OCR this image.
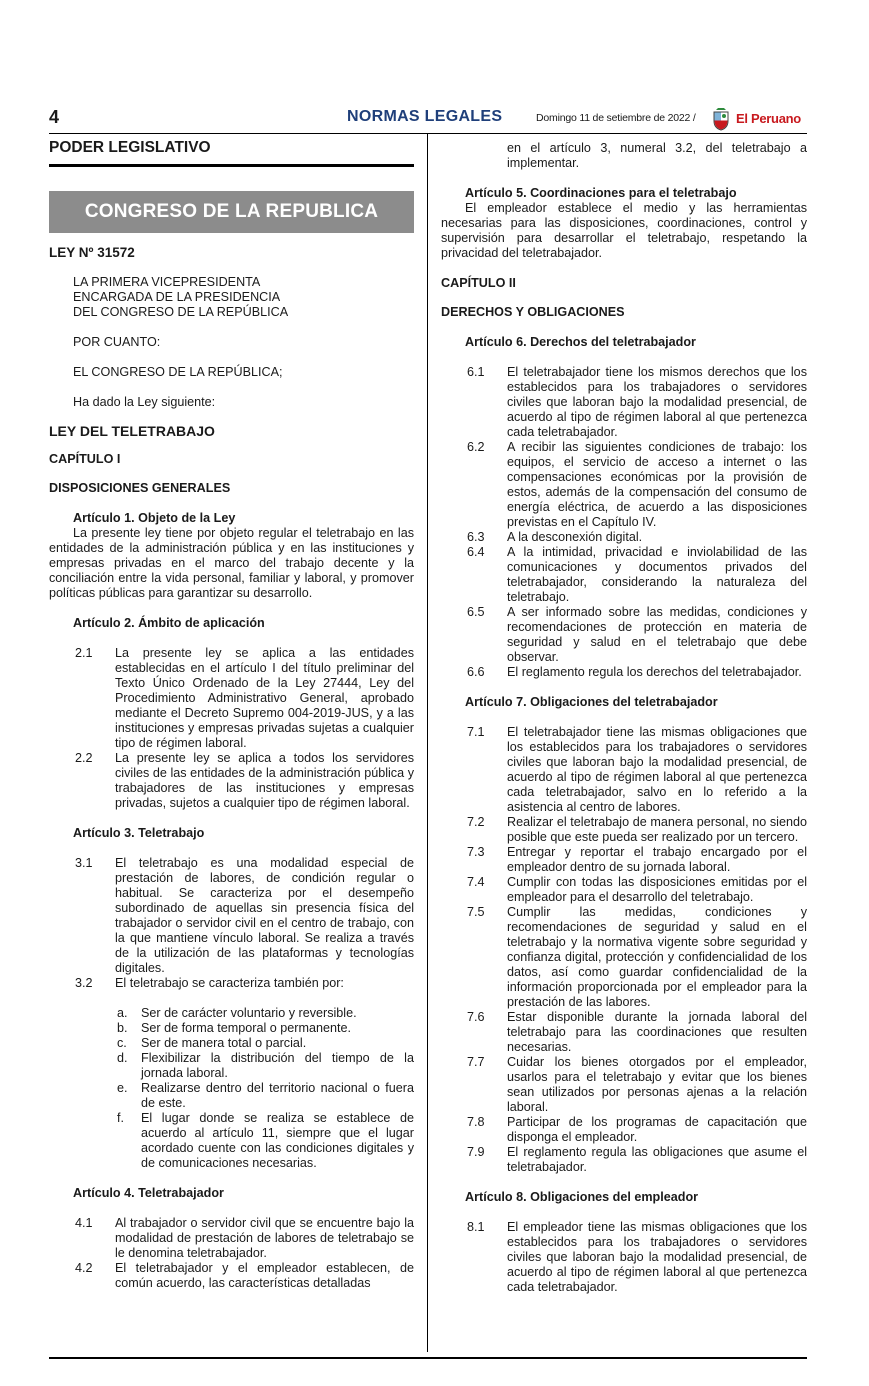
4	NORMAS LEGALES	Domingo 11 de setiembre de 2022 /	El Peruano

PODER LEGISLATIVO

CONGRESO DE LA REPUBLICA

LEY Nº 31572

LA PRIMERA VICEPRESIDENTA

ENCARGADA DE LA PRESIDENCIA

DEL CONGRESO DE LA REPÚBLICA

POR CUANTO:

EL CONGRESO DE LA REPÚBLICA;

Ha dado la Ley siguiente:

LEY DEL TELETRABAJO

CAPÍTULO I

DISPOSICIONES GENERALES

Artículo 1. Objeto de la Ley

La presente ley tiene por objeto regular el teletrabajo en las entidades de la administración pública y en las instituciones y empresas privadas en el marco del trabajo decente y la conciliación entre la vida personal, familiar y laboral, y promover políticas públicas para garantizar su desarrollo.

Artículo 2. Ámbito de aplicación

2.1 La presente ley se aplica a las entidades establecidas en el artículo I del título preliminar del Texto Único Ordenado de la Ley 27444, Ley del Procedimiento Administrativo General, aprobado mediante el Decreto Supremo 004-2019-JUS, y a las instituciones y empresas privadas sujetas a cualquier tipo de régimen laboral.

2.2 La presente ley se aplica a todos los servidores civiles de las entidades de la administración pública y trabajadores de las instituciones y empresas privadas, sujetos a cualquier tipo de régimen laboral.

Artículo 3. Teletrabajo

3.1 El teletrabajo es una modalidad especial de prestación de labores, de condición regular o habitual. Se caracteriza por el desempeño subordinado de aquellas sin presencia física del trabajador o servidor civil en el centro de trabajo, con la que mantiene vínculo laboral. Se realiza a través de la utilización de las plataformas y tecnologías digitales.

3.2 El teletrabajo se caracteriza también por:

a. Ser de carácter voluntario y reversible.

b. Ser de forma temporal o permanente.

c. Ser de manera total o parcial.

d. Flexibilizar la distribución del tiempo de la jornada laboral.

e. Realizarse dentro del territorio nacional o fuera de este.

f. El lugar donde se realiza se establece de acuerdo al artículo 11, siempre que el lugar acordado cuente con las condiciones digitales y de comunicaciones necesarias.

Artículo 4. Teletrabajador

4.1 Al trabajador o servidor civil que se encuentre bajo la modalidad de prestación de labores de teletrabajo se le denomina teletrabajador.

4.2 El teletrabajador y el empleador establecen, de común acuerdo, las características detalladas

en el artículo 3, numeral 3.2, del teletrabajo a implementar.

Artículo 5. Coordinaciones para el teletrabajo

El empleador establece el medio y las herramientas necesarias para las disposiciones, coordinaciones, control y supervisión para desarrollar el teletrabajo, respetando la privacidad del teletrabajador.

CAPÍTULO II

DERECHOS Y OBLIGACIONES

Artículo 6. Derechos del teletrabajador

6.1 El teletrabajador tiene los mismos derechos que los establecidos para los trabajadores o servidores civiles que laboran bajo la modalidad presencial, de acuerdo al tipo de régimen laboral al que pertenezca cada teletrabajador.

6.2 A recibir las siguientes condiciones de trabajo: los equipos, el servicio de acceso a internet o las compensaciones económicas por la provisión de estos, además de la compensación del consumo de energía eléctrica, de acuerdo a las disposiciones previstas en el Capítulo IV.

6.3 A la desconexión digital.

6.4 A la intimidad, privacidad e inviolabilidad de las comunicaciones y documentos privados del teletrabajador, considerando la naturaleza del teletrabajo.

6.5 A ser informado sobre las medidas, condiciones y recomendaciones de protección en materia de seguridad y salud en el teletrabajo que debe observar.

6.6 El reglamento regula los derechos del teletrabajador.

Artículo 7. Obligaciones del teletrabajador

7.1 El teletrabajador tiene las mismas obligaciones que los establecidos para los trabajadores o servidores civiles que laboran bajo la modalidad presencial, de acuerdo al tipo de régimen laboral al que pertenezca cada teletrabajador, salvo en lo referido a la asistencia al centro de labores.

7.2 Realizar el teletrabajo de manera personal, no siendo posible que este pueda ser realizado por un tercero.

7.3 Entregar y reportar el trabajo encargado por el empleador dentro de su jornada laboral.

7.4 Cumplir con todas las disposiciones emitidas por el empleador para el desarrollo del teletrabajo.

7.5 Cumplir las medidas, condiciones y recomendaciones de seguridad y salud en el teletrabajo y la normativa vigente sobre seguridad y confianza digital, protección y confidencialidad de los datos, así como guardar confidencialidad de la información proporcionada por el empleador para la prestación de las labores.

7.6 Estar disponible durante la jornada laboral del teletrabajo para las coordinaciones que resulten necesarias.

7.7 Cuidar los bienes otorgados por el empleador, usarlos para el teletrabajo y evitar que los bienes sean utilizados por personas ajenas a la relación laboral.

7.8 Participar de los programas de capacitación que disponga el empleador.

7.9 El reglamento regula las obligaciones que asume el teletrabajador.

Artículo 8. Obligaciones del empleador

8.1 El empleador tiene las mismas obligaciones que los establecidos para los trabajadores o servidores civiles que laboran bajo la modalidad presencial, de acuerdo al tipo de régimen laboral al que pertenezca cada teletrabajador.
